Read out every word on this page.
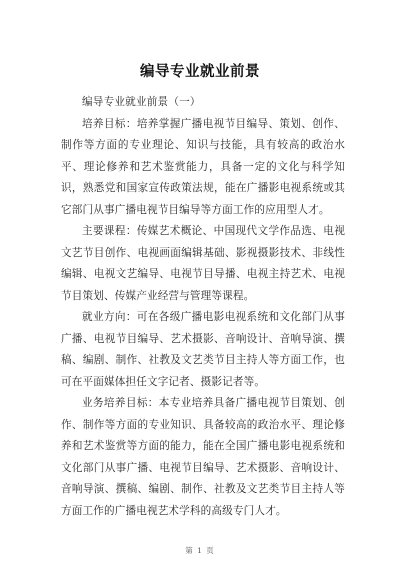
编导专业就业前景

编导专业就业前景（一）

培养目标：培养掌握广播电视节目编导、策划、创作、制作等方面的专业理论、知识与技能，具有较高的政治水平、理论修养和艺术鉴赏能力，具备一定的文化与科学知识，熟悉党和国家宣传政策法规，能在广播影电视系统或其它部门从事广播电视节目编导等方面工作的应用型人才。

主要课程：传媒艺术概论、中国现代文学作品选、电视文艺节目创作、电视画面编辑基础、影视摄影技术、非线性编辑、电视文艺编导、电视节目导播、电视主持艺术、电视节目策划、传媒产业经营与管理等课程。

就业方向：可在各级广播电影电视系统和文化部门从事广播、电视节目编导、艺术摄影、音响设计、音响导演、撰稿、编剧、制作、社教及文艺类节目主持人等方面工作，也可在平面媒体担任文字记者、摄影记者等。

业务培养目标：本专业培养具备广播电视节目策划、创作、制作等方面的专业知识、具备较高的政治水平、理论修养和艺术鉴赏等方面的能力，能在全国广播电影电视系统和文化部门从事广播、电视节目编导、艺术摄影、音响设计、音响导演、撰稿、编剧、制作、社教及文艺类节目主持人等方面工作的广播电视艺术学科的高级专门人才。

第 1 页
